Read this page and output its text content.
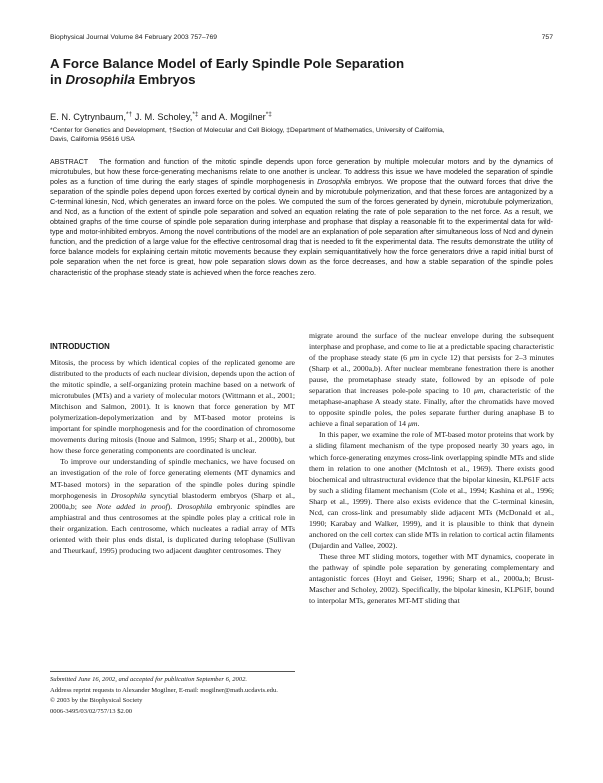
Biophysical Journal Volume 84 February 2003 757–769	757
A Force Balance Model of Early Spindle Pole Separation
in Drosophila Embryos
E. N. Cytrynbaum,*† J. M. Scholey,*‡ and A. Mogilner*‡
*Center for Genetics and Development, †Section of Molecular and Cell Biology, ‡Department of Mathematics, University of California,
Davis, California 95616 USA

ABSTRACT The formation and function of the mitotic spindle depends upon force generation by multiple molecular motors and by the dynamics of microtubules, but how these force-generating mechanisms relate to one another is unclear. To address this issue we have modeled the separation of spindle poles as a function of time during the early stages of spindle morphogenesis in Drosophila embryos. We propose that the outward forces that drive the separation of the spindle poles depend upon forces exerted by cortical dynein and by microtubule polymerization, and that these forces are antagonized by a C-terminal kinesin, Ncd, which generates an inward force on the poles. We computed the sum of the forces generated by dynein, microtubule polymerization, and Ncd, as a function of the extent of spindle pole separation and solved an equation relating the rate of pole separation to the net force. As a result, we obtained graphs of the time course of spindle pole separation during interphase and prophase that display a reasonable fit to the experimental data for wild-type and motor-inhibited embryos. Among the novel contributions of the model are an explanation of pole separation after simultaneous loss of Ncd and dynein function, and the prediction of a large value for the effective centrosomal drag that is needed to fit the experimental data. The results demonstrate the utility of force balance models for explaining certain mitotic movements because they explain semiquantitatively how the force generators drive a rapid initial burst of pole separation when the net force is great, how pole separation slows down as the force decreases, and how a stable separation of the spindle poles characteristic of the prophase steady state is achieved when the force reaches zero.

INTRODUCTION

Mitosis, the process by which identical copies of the replicated genome are distributed to the products of each nuclear division, depends upon the action of the mitotic spindle, a self-organizing protein machine based on a network of microtubules (MTs) and a variety of molecular motors (Wittmann et al., 2001; Mitchison and Salmon, 2001). It is known that force generation by MT polymerization-depolymerization and by MT-based motor proteins is important for spindle morphogenesis and for the coordination of chromosome movements during mitosis (Inoue and Salmon, 1995; Sharp et al., 2000b), but how these force generating components are coordinated is unclear.

To improve our understanding of spindle mechanics, we have focused on an investigation of the role of force generating elements (MT dynamics and MT-based motors) in the separation of the spindle poles during spindle morphogenesis in Drosophila syncytial blastoderm embryos (Sharp et al., 2000a,b; see Note added in proof). Drosophila embryonic spindles are amphiastral and thus centrosomes at the spindle poles play a critical role in their organization. Each centrosome, which nucleates a radial array of MTs oriented with their plus ends distal, is duplicated during telophase (Sullivan and Theurkauf, 1995) producing two adjacent daughter centrosomes. They

migrate around the surface of the nuclear envelope during the subsequent interphase and prophase, and come to lie at a predictable spacing characteristic of the prophase steady state (6 μm in cycle 12) that persists for 2–3 minutes (Sharp et al., 2000a,b). After nuclear membrane fenestration there is another pause, the prometaphase steady state, followed by an episode of pole separation that increases pole-pole spacing to 10 μm, characteristic of the metaphase-anaphase A steady state. Finally, after the chromatids have moved to opposite spindle poles, the poles separate further during anaphase B to achieve a final separation of 14 μm.

In this paper, we examine the role of MT-based motor proteins that work by a sliding filament mechanism of the type proposed nearly 30 years ago, in which force-generating enzymes cross-link overlapping spindle MTs and slide them in relation to one another (McIntosh et al., 1969). There exists good biochemical and ultrastructural evidence that the bipolar kinesin, KLP61F acts by such a sliding filament mechanism (Cole et al., 1994; Kashina et al., 1996; Sharp et al., 1999). There also exists evidence that the C-terminal kinesin, Ncd, can cross-link and presumably slide adjacent MTs (McDonald et al., 1990; Karabay and Walker, 1999), and it is plausible to think that dynein anchored on the cell cortex can slide MTs in relation to cortical actin filaments (Dujardin and Vallee, 2002).

These three MT sliding motors, together with MT dynamics, cooperate in the pathway of spindle pole separation by generating complementary and antagonistic forces (Hoyt and Geiser, 1996; Sharp et al., 2000a,b; Brust-Mascher and Scholey, 2002). Specifically, the bipolar kinesin, KLP61F, bound to interpolar MTs, generates MT-MT sliding that

Submitted June 16, 2002, and accepted for publication September 6, 2002.
Address reprint requests to Alexander Mogilner, E-mail: mogilner@math.ucdavis.edu.
© 2003 by the Biophysical Society
0006-3495/03/02/757/13 $2.00
